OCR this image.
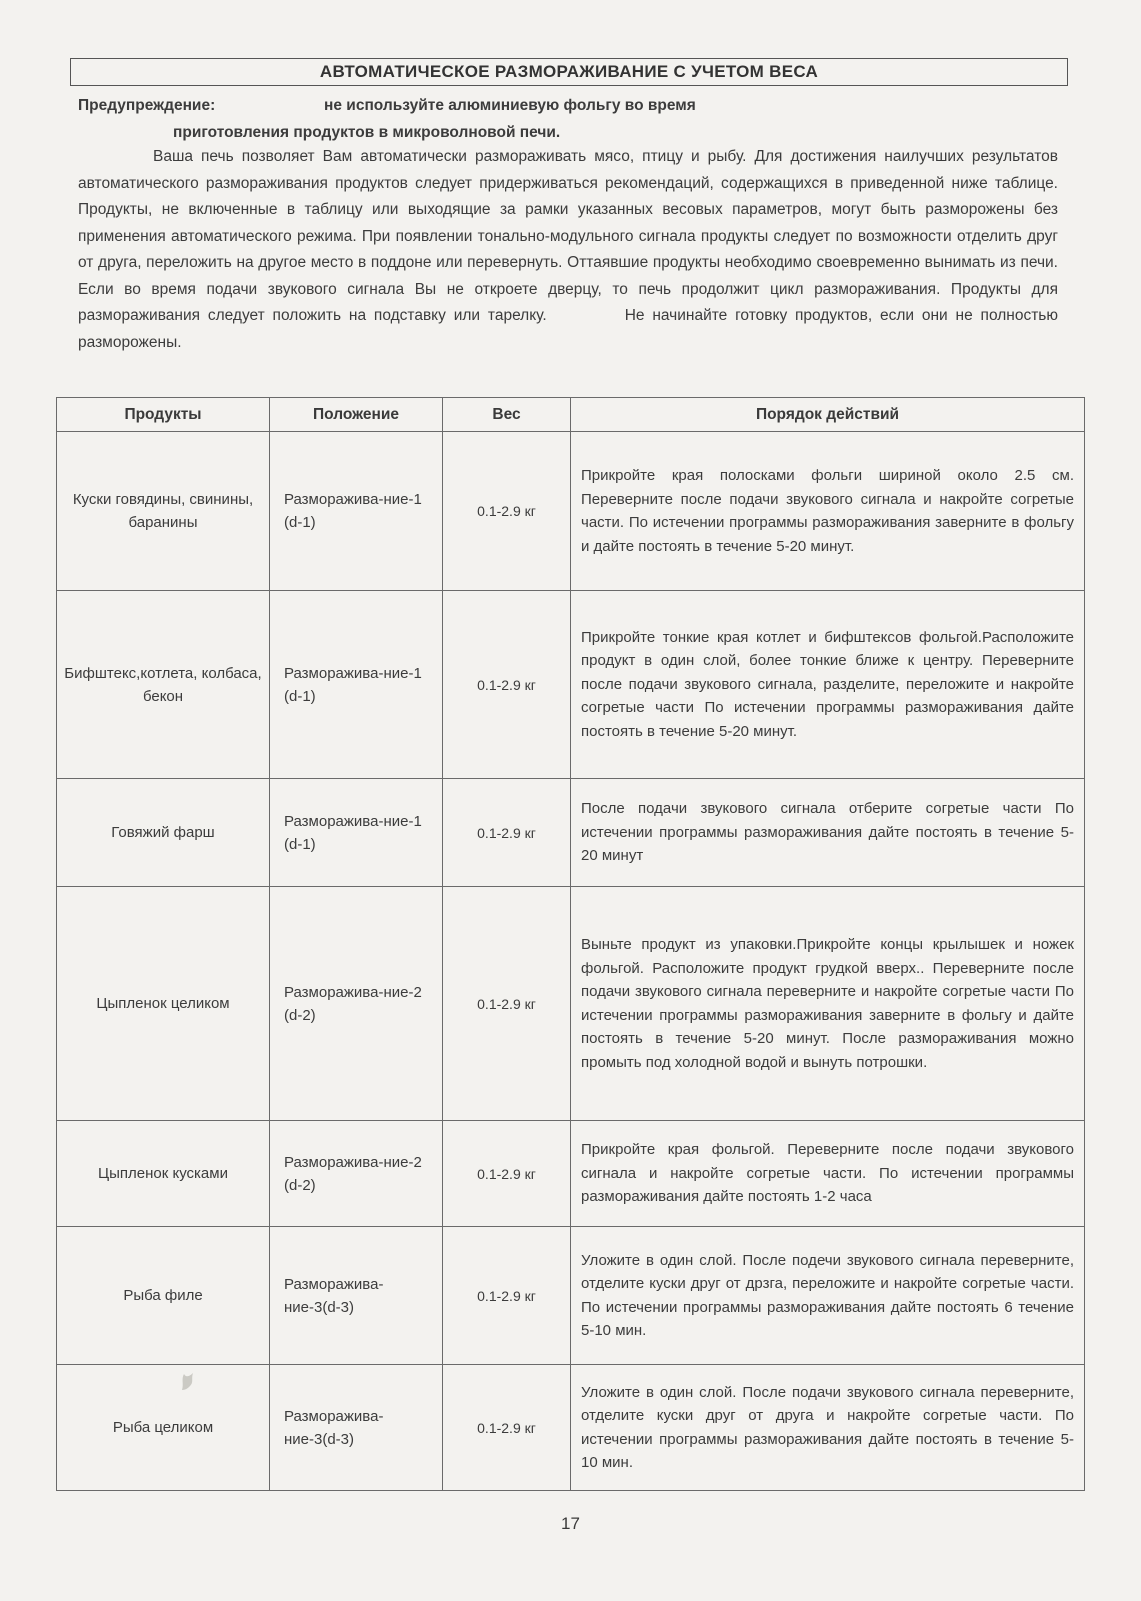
АВТОМАТИЧЕСКОЕ РАЗМОРАЖИВАНИЕ С УЧЕТОМ ВЕСА
Предупреждение:	не используйте алюминиевую фольгу во время
приготовления продуктов в микроволновой печи.
Ваша печь позволяет Вам автоматически размораживать мясо, птицу и рыбу. Для достижения наилучших результатов автоматического размораживания продуктов следует придерживаться рекомендаций, содержащихся в приведенной ниже таблице. Продукты, не включенные в таблицу или выходящие за рамки указанных весовых параметров, могут быть разморожены без применения автоматического режима. При появлении тонально-модульного сигнала продукты следует по возможности отделить друг от друга, переложить на другое место в поддоне или перевернуть. Оттаявшие продукты необходимо своевременно вынимать из печи. Если во время подачи звукового сигнала Вы не откроете дверцу, то печь продолжит цикл размораживания. Продукты для размораживания следует положить на подставку или тарелку.	Не начинайте готовку продуктов, если они не полностью разморожены.
Продукты	Положение	Вес	Порядок действий
Куски говядины, свинины, баранины	Разморажива-ние-1 (d-1)	0.1-2.9 кг	Прикройте края полосками фольги шириной около 2.5 см. Переверните после подачи звукового сигнала и накройте согретые части. По истечении программы размораживания заверните в фольгу и дайте постоять в течение 5-20 минут.
Бифштекс,котлета, колбаса, бекон	Разморажива-ние-1 (d-1)	0.1-2.9 кг	Прикройте тонкие края котлет и бифштексов фольгой.Расположите продукт в один слой, более тонкие ближе к центру. Переверните после подачи звукового сигнала, разделите, переложите и накройте согретые части По истечении программы размораживания дайте постоять в течение 5-20 минут.
Говяжий фарш	Разморажива-ние-1 (d-1)	0.1-2.9 кг	После подачи звукового сигнала отберите согретые части По истечении программы размораживания дайте постоять в течение 5-20 минут
Цыпленок целиком	Разморажива-ние-2 (d-2)	0.1-2.9 кг	Выньте продукт из упаковки.Прикройте концы крылышек и ножек фольгой. Расположите продукт грудкой вверх.. Переверните после подачи звукового сигнала переверните и накройте согретые части По истечении программы размораживания заверните в фольгу и дайте постоять в течение 5-20 минут. После размораживания можно промыть под холодной водой и вынуть потрошки.
Цыпленок кусками	Разморажива-ние-2 (d-2)	0.1-2.9 кг	Прикройте края фольгой. Переверните после подачи звукового сигнала и накройте согретые части. По истечении программы размораживания дайте постоять 1-2 часа
Рыба филе	Разморажива-ние-3(d-3)	0.1-2.9 кг	Уложите в один слой. После подечи звукового сигнала переверните, отделите куски друг от дрзга, переложите и накройте согретые части. По истечении программы размораживания дайте постоять 6 течение 5-10 мин.
Рыба целиком	Разморажива-ние-3(d-3)	0.1-2.9 кг	Уложите в один слой. После подачи звукового сигнала переверните, отделите куски друг от друга и накройте согретые части. По истечении программы размораживания дайте постоять в течение 5-10 мин.
17
